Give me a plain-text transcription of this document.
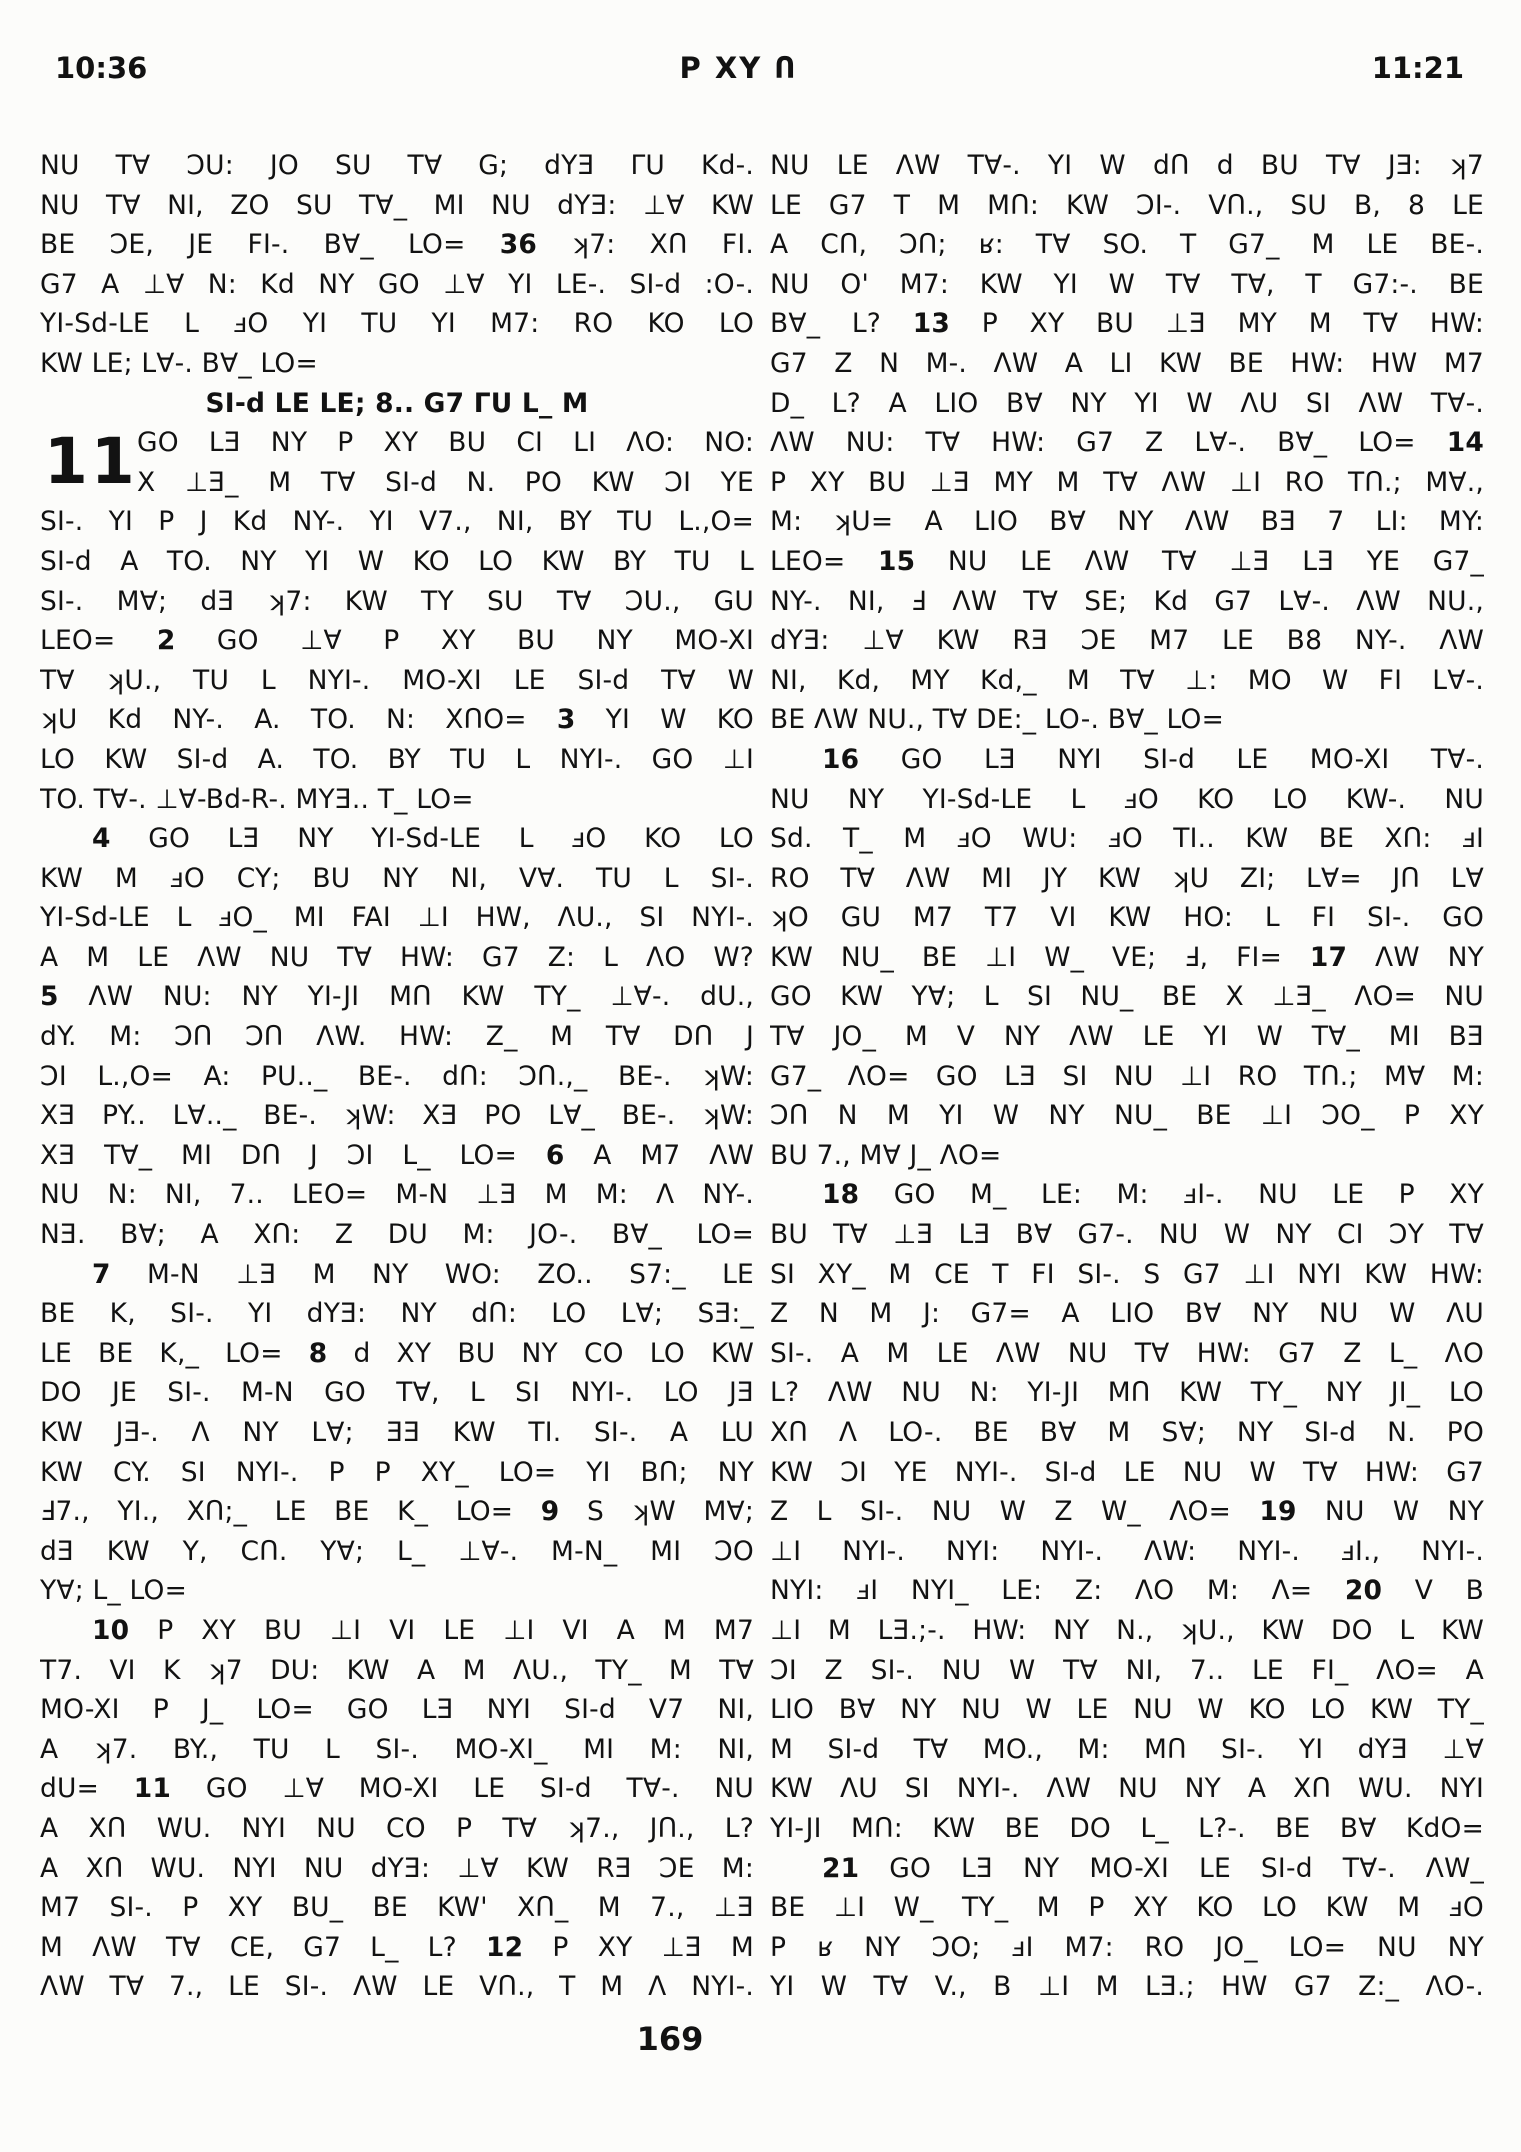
10:36	P XY Ո	11:21
11
NU T∀ ƆU: JO SU T∀ G; dYƎ ΓU Kd-.
NU T∀ NI, ZO SU T∀_ MI NU dYƎ: ⊥∀ KW
BE ƆE, JE FI-. B∀_ LO= 36 ʞ7: XՈ FI.
G7 A ⊥∀ N: Kd NY GO ⊥∀ YI LE-. SI-d :O-.
YI-Sd-LE L ⅎO YI TU YI M7: RO KO LO
KW LE; L∀-. B∀_ LO=
SI-d LE LE; 8.. G7 ΓU L_ M
GO LƎ NY P XY BU CI LI ΛO: NO:
X ⊥Ǝ_ M T∀ SI-d N. PO KW ƆI YE
SI-. YI P J Kd NY-. YI V7., NI, BY TU L.,O=
SI-d A TO. NY YI W KO LO KW BY TU L
SI-. M∀; dƎ ʞ7: KW TY SU T∀ ƆU., GU
LEO= 2 GO ⊥∀ P XY BU NY MO-XI
T∀ ʞU., TU L NYI-. MO-XI LE SI-d T∀ W
ʞU Kd NY-. A. TO. N: XՈO= 3 YI W KO
LO KW SI-d A. TO. BY TU L NYI-. GO ⊥I
TO. T∀-. ⊥∀-Bd-R-. MYƎ.. T_ LO=
4 GO LƎ NY YI-Sd-LE L ⅎO KO LO
KW M ⅎO CY; BU NY NI, V∀. TU L SI-.
YI-Sd-LE L ⅎO_ MI FAI ⊥I HW, ΛU., SI NYI-.
A M LE ΛW NU T∀ HW: G7 Z: L ΛO W?
5 ΛW NU: NY YI-JI MՈ KW TY_ ⊥∀-. dU.,
dY. M: ƆՈ ƆՈ ΛW. HW: Z_ M T∀ DՈ J
ƆI L.,O= A: PU.._ BE-. dՈ: ƆՈ.,_ BE-. ʞW:
XƎ PY.. L∀.._ BE-. ʞW: XƎ PO L∀_ BE-. ʞW:
XƎ T∀_ MI DՈ J ƆI L_ LO= 6 A M7 ΛW
NU N: NI, 7.. LEO= M-N ⊥Ǝ M M: Λ NY-.
NƎ. B∀; A XՈ: Z DU M: JO-. B∀_ LO=
7 M-N ⊥Ǝ M NY WO: ZO.. S7:_ LE
BE K, SI-. YI dYƎ: NY dՈ: LO L∀; SƎ:_
LE BE K,_ LO= 8 d XY BU NY CO LO KW
DO JE SI-. M-N GO T∀, L SI NYI-. LO JƎ
KW JƎ-. Λ NY L∀; ƎƎ KW TI. SI-. A LU
KW CY. SI NYI-. P P XY_ LO= YI BՈ; NY
Ⅎ7., YI., XՈ;_ LE BE K_ LO= 9 S ʞW M∀;
dƎ KW Y, CՈ. Y∀; L_ ⊥∀-. M-N_ MI ƆO
Y∀; L_ LO=
10 P XY BU ⊥I VI LE ⊥I VI A M M7
T7. VI K ʞ7 DU: KW A M ΛU., TY_ M T∀
MO-XI P J_ LO= GO LƎ NYI SI-d V7 NI,
A ʞ7. BY., TU L SI-. MO-XI_ MI M: NI,
dU= 11 GO ⊥∀ MO-XI LE SI-d T∀-. NU
A XՈ WU. NYI NU CO P T∀ ʞ7., JՈ., L?
A XՈ WU. NYI NU dYƎ: ⊥∀ KW RƎ ƆE M:
M7 SI-. P XY BU_ BE KW' XՈ_ M 7., ⊥Ǝ
M ΛW T∀ CE, G7 L_ L? 12 P XY ⊥Ǝ M
ΛW T∀ 7., LE SI-. ΛW LE VՈ., T M Λ NYI-.
NU LE ΛW T∀-. YI W dՈ d BU T∀ JƎ: ʞ7
LE G7 T M MՈ: KW ƆI-. VՈ., SU B, 8 LE
A CՈ, ƆՈ; ʁ: T∀ SO. T G7_ M LE BE-.
NU O' M7: KW YI W T∀ T∀, T G7:-. BE
B∀_ L? 13 P XY BU ⊥Ǝ MY M T∀ HW:
G7 Z N M-. ΛW A LI KW BE HW: HW M7
D_ L? A LIO B∀ NY YI W ΛU SI ΛW T∀-.
ΛW NU: T∀ HW: G7 Z L∀-. B∀_ LO= 14
P XY BU ⊥Ǝ MY M T∀ ΛW ⊥I RO TՈ.; M∀.,
M: ʞU= A LIO B∀ NY ΛW BƎ 7 LI: MY:
LEO= 15 NU LE ΛW T∀ ⊥Ǝ LƎ YE G7_
NY-. NI, Ⅎ ΛW T∀ SE; Kd G7 L∀-. ΛW NU.,
dYƎ: ⊥∀ KW RƎ ƆE M7 LE B8 NY-. ΛW
NI, Kd, MY Kd,_ M T∀ ⊥: MO W FI L∀-.
BE ΛW NU., T∀ DE:_ LO-. B∀_ LO=
16 GO LƎ NYI SI-d LE MO-XI T∀-.
NU NY YI-Sd-LE L ⅎO KO LO KW-. NU
Sd. T_ M ⅎO WU: ⅎO TI.. KW BE XՈ: ⅎI
RO T∀ ΛW MI JY KW ʞU ZI; L∀= JՈ L∀
ʞO GU M7 T7 VI KW HO: L FI SI-. GO
KW NU_ BE ⊥I W_ VE; Ⅎ, FI= 17 ΛW NY
GO KW Y∀; L SI NU_ BE X ⊥Ǝ_ ΛO= NU
T∀ JO_ M V NY ΛW LE YI W T∀_ MI BƎ
G7_ ΛO= GO LƎ SI NU ⊥I RO TՈ.; M∀ M:
ƆՈ N M YI W NY NU_ BE ⊥I ƆO_ P XY
BU 7., M∀ J_ ΛO=
18 GO M_ LE: M: ⅎI-. NU LE P XY
BU T∀ ⊥Ǝ LƎ B∀ G7-. NU W NY CI ƆY T∀
SI XY_ M CE T FI SI-. S G7 ⊥I NYI KW HW:
Z N M J: G7= A LIO B∀ NY NU W ΛU
SI-. A M LE ΛW NU T∀ HW: G7 Z L_ ΛO
L? ΛW NU N: YI-JI MՈ KW TY_ NY JI_ LO
XՈ Λ LO-. BE B∀ M S∀; NY SI-d N. PO
KW ƆI YE NYI-. SI-d LE NU W T∀ HW: G7
Z L SI-. NU W Z W_ ΛO= 19 NU W NY
⊥I NYI-. NYI: NYI-. ΛW: NYI-. ⅎI., NYI-.
NYI: ⅎI NYI_ LE: Z: ΛO M: Λ= 20 V B
⊥I M LƎ.;-. HW: NY N., ʞU., KW DO L KW
ƆI Z SI-. NU W T∀ NI, 7.. LE FI_ ΛO= A
LIO B∀ NY NU W LE NU W KO LO KW TY_
M SI-d T∀ MO., M: MՈ SI-. YI dYƎ ⊥∀
KW ΛU SI NYI-. ΛW NU NY A XՈ WU. NYI
YI-JI MՈ: KW BE DO L_ L?-. BE B∀ KdO=
21 GO LƎ NY MO-XI LE SI-d T∀-. ΛW_
BE ⊥I W_ TY_ M P XY KO LO KW M ⅎO
P ʁ NY ƆO; ⅎI M7: RO JO_ LO= NU NY
YI W T∀ V., B ⊥I M LƎ.; HW G7 Z:_ ΛO-.
169
